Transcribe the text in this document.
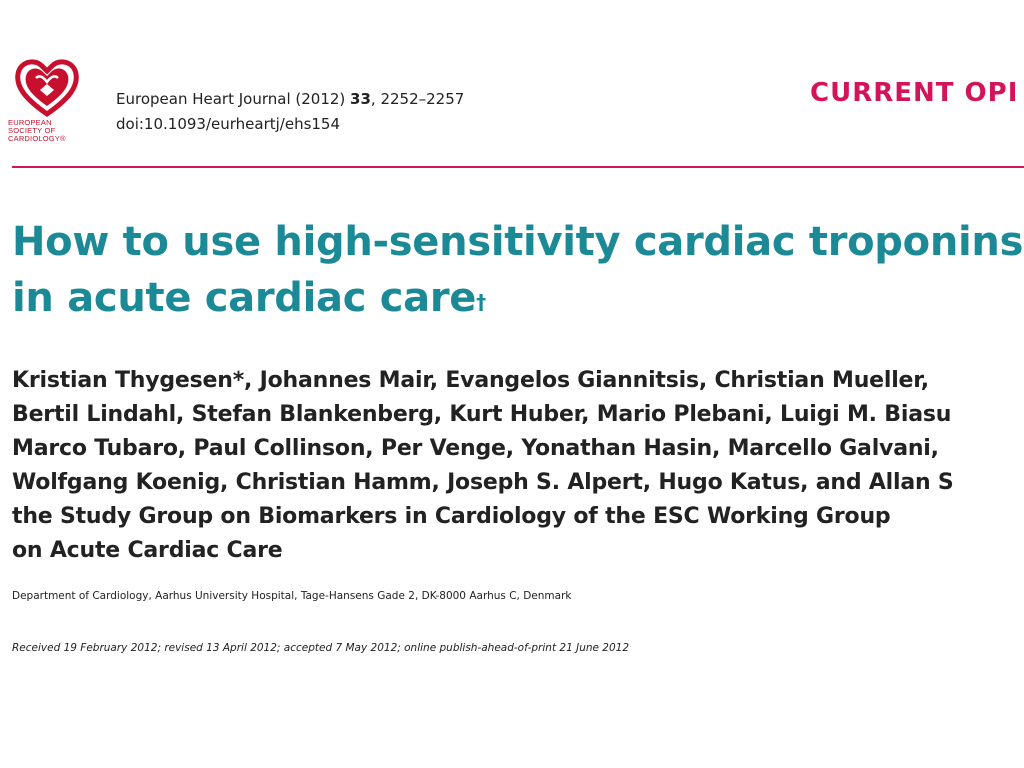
EUROPEAN
SOCIETY OF
CARDIOLOGY®
European Heart Journal (2012) 33, 2252–2257
doi:10.1093/eurheartj/ehs154
CURRENT OPI
How to use high-sensitivity cardiac troponins
in acute cardiac care†
Kristian Thygesen*, Johannes Mair, Evangelos Giannitsis, Christian Mueller,
Bertil Lindahl, Stefan Blankenberg, Kurt Huber, Mario Plebani, Luigi M. Biasu
Marco Tubaro, Paul Collinson, Per Venge, Yonathan Hasin, Marcello Galvani,
Wolfgang Koenig, Christian Hamm, Joseph S. Alpert, Hugo Katus, and Allan S
the Study Group on Biomarkers in Cardiology of the ESC Working Group
on Acute Cardiac Care
Department of Cardiology, Aarhus University Hospital, Tage-Hansens Gade 2, DK-8000 Aarhus C, Denmark
Received 19 February 2012; revised 13 April 2012; accepted 7 May 2012; online publish-ahead-of-print 21 June 2012
